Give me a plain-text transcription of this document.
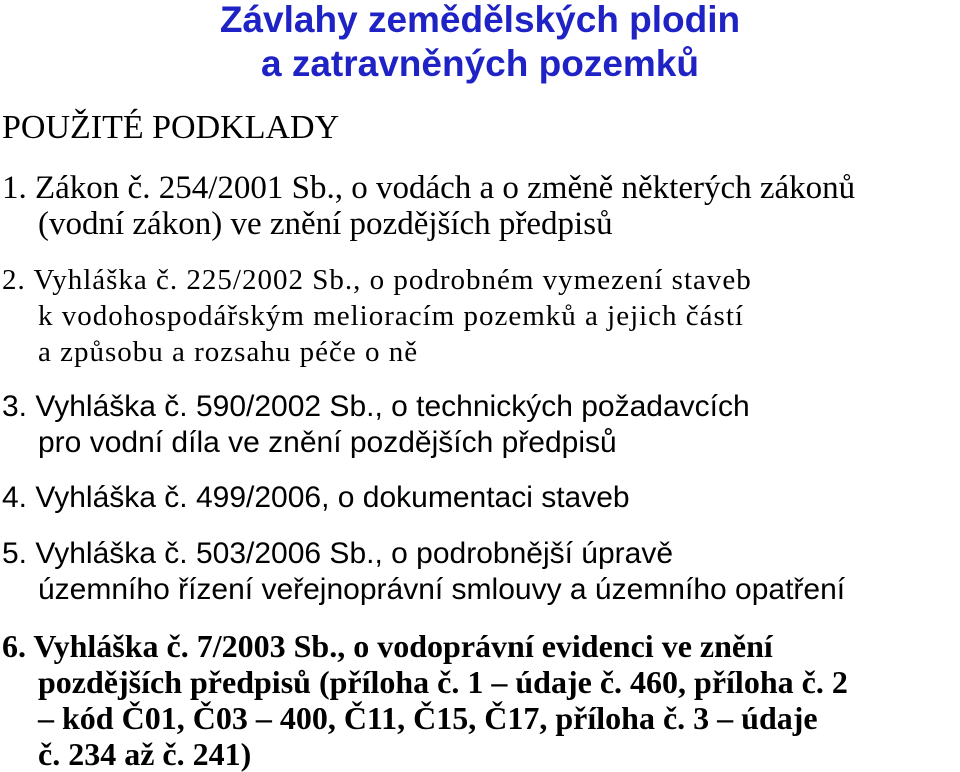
Závlahy zemědělských plodin
a zatravněných pozemků

POUŽITÉ PODKLADY

1. Zákon č. 254/2001 Sb., o vodách a o změně některých zákonů
(vodní zákon) ve znění pozdějších předpisů
2. Vyhláška č. 225/2002 Sb., o podrobném vymezení staveb
k vodohospodářským melioracím pozemků a jejich částí
a způsobu a rozsahu péče o ně
3. Vyhláška č. 590/2002 Sb., o technických požadavcích
pro vodní díla ve znění pozdějších předpisů
4. Vyhláška č. 499/2006, o dokumentaci staveb
5. Vyhláška č. 503/2006 Sb., o podrobnější úpravě
územního řízení veřejnoprávní smlouvy a územního opatření
6. Vyhláška č. 7/2003 Sb., o vodoprávní evidenci ve znění
pozdějších předpisů (příloha č. 1 – údaje č. 460, příloha č. 2
– kód Č01, Č03 – 400, Č11, Č15, Č17, příloha č. 3 – údaje
č. 234 až č. 241)
